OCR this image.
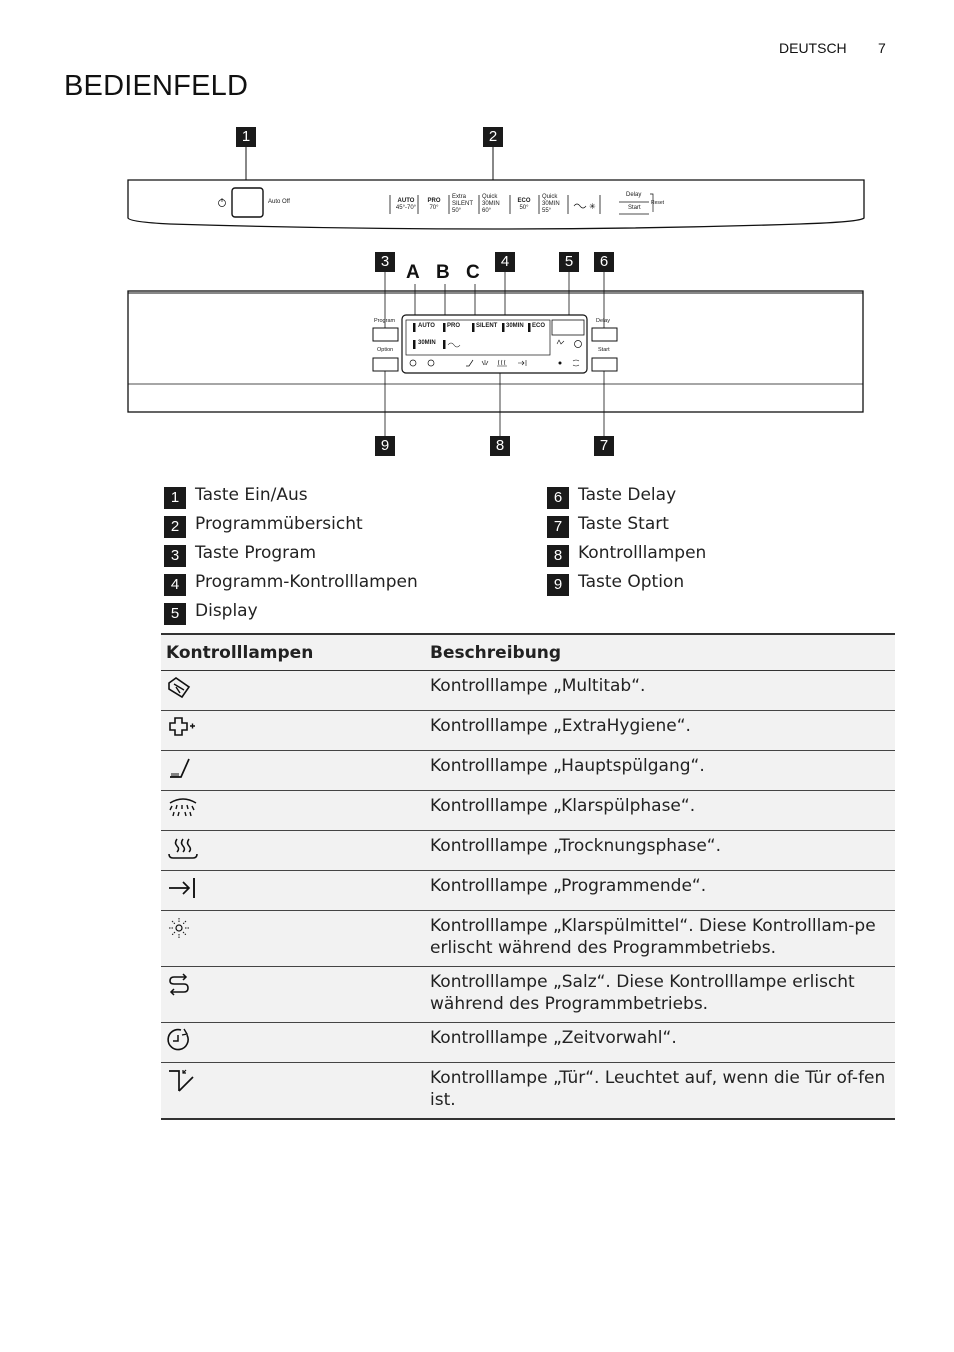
DEUTSCH 7
BEDIENFELD
1	2
✳
Auto Off	AUTO
45°-70°
PRO
70°
Extra
SILENT
50°
Quick
30MIN
60°
ECO
50°
Quick
30MIN
55°
Delay
Start
Reset
3
A B C
4	5	6
9	8	7
Program
Option
Delay
Start
AUTO PRO	SILENT 30MIN ECO
30MIN
1 Taste Ein/Aus
2 Programmübersicht
3 Taste Program
4 Programm-Kontrolllampen
5 Display
6 Taste Delay
7 Taste Start
8 Kontrolllampen
9 Taste Option
Kontrolllampen	Beschreibung

	Kontrolllampe „Multitab“.

	Kontrolllampe „ExtraHygiene“.

	Kontrolllampe „Hauptspülgang“.

	Kontrolllampe „Klarspülphase“.

	Kontrolllampe „Trocknungsphase“.

	Kontrolllampe „Programmende“.

	Kontrolllampe „Klarspülmittel“. Diese Kontrolllam-pe erlischt während des Programmbetriebs.

	Kontrolllampe „Salz“. Diese Kontrolllampe erlischt während des Programmbetriebs.

	Kontrolllampe „Zeitvorwahl“.

	Kontrolllampe „Tür“. Leuchtet auf, wenn die Tür of-fen ist.
